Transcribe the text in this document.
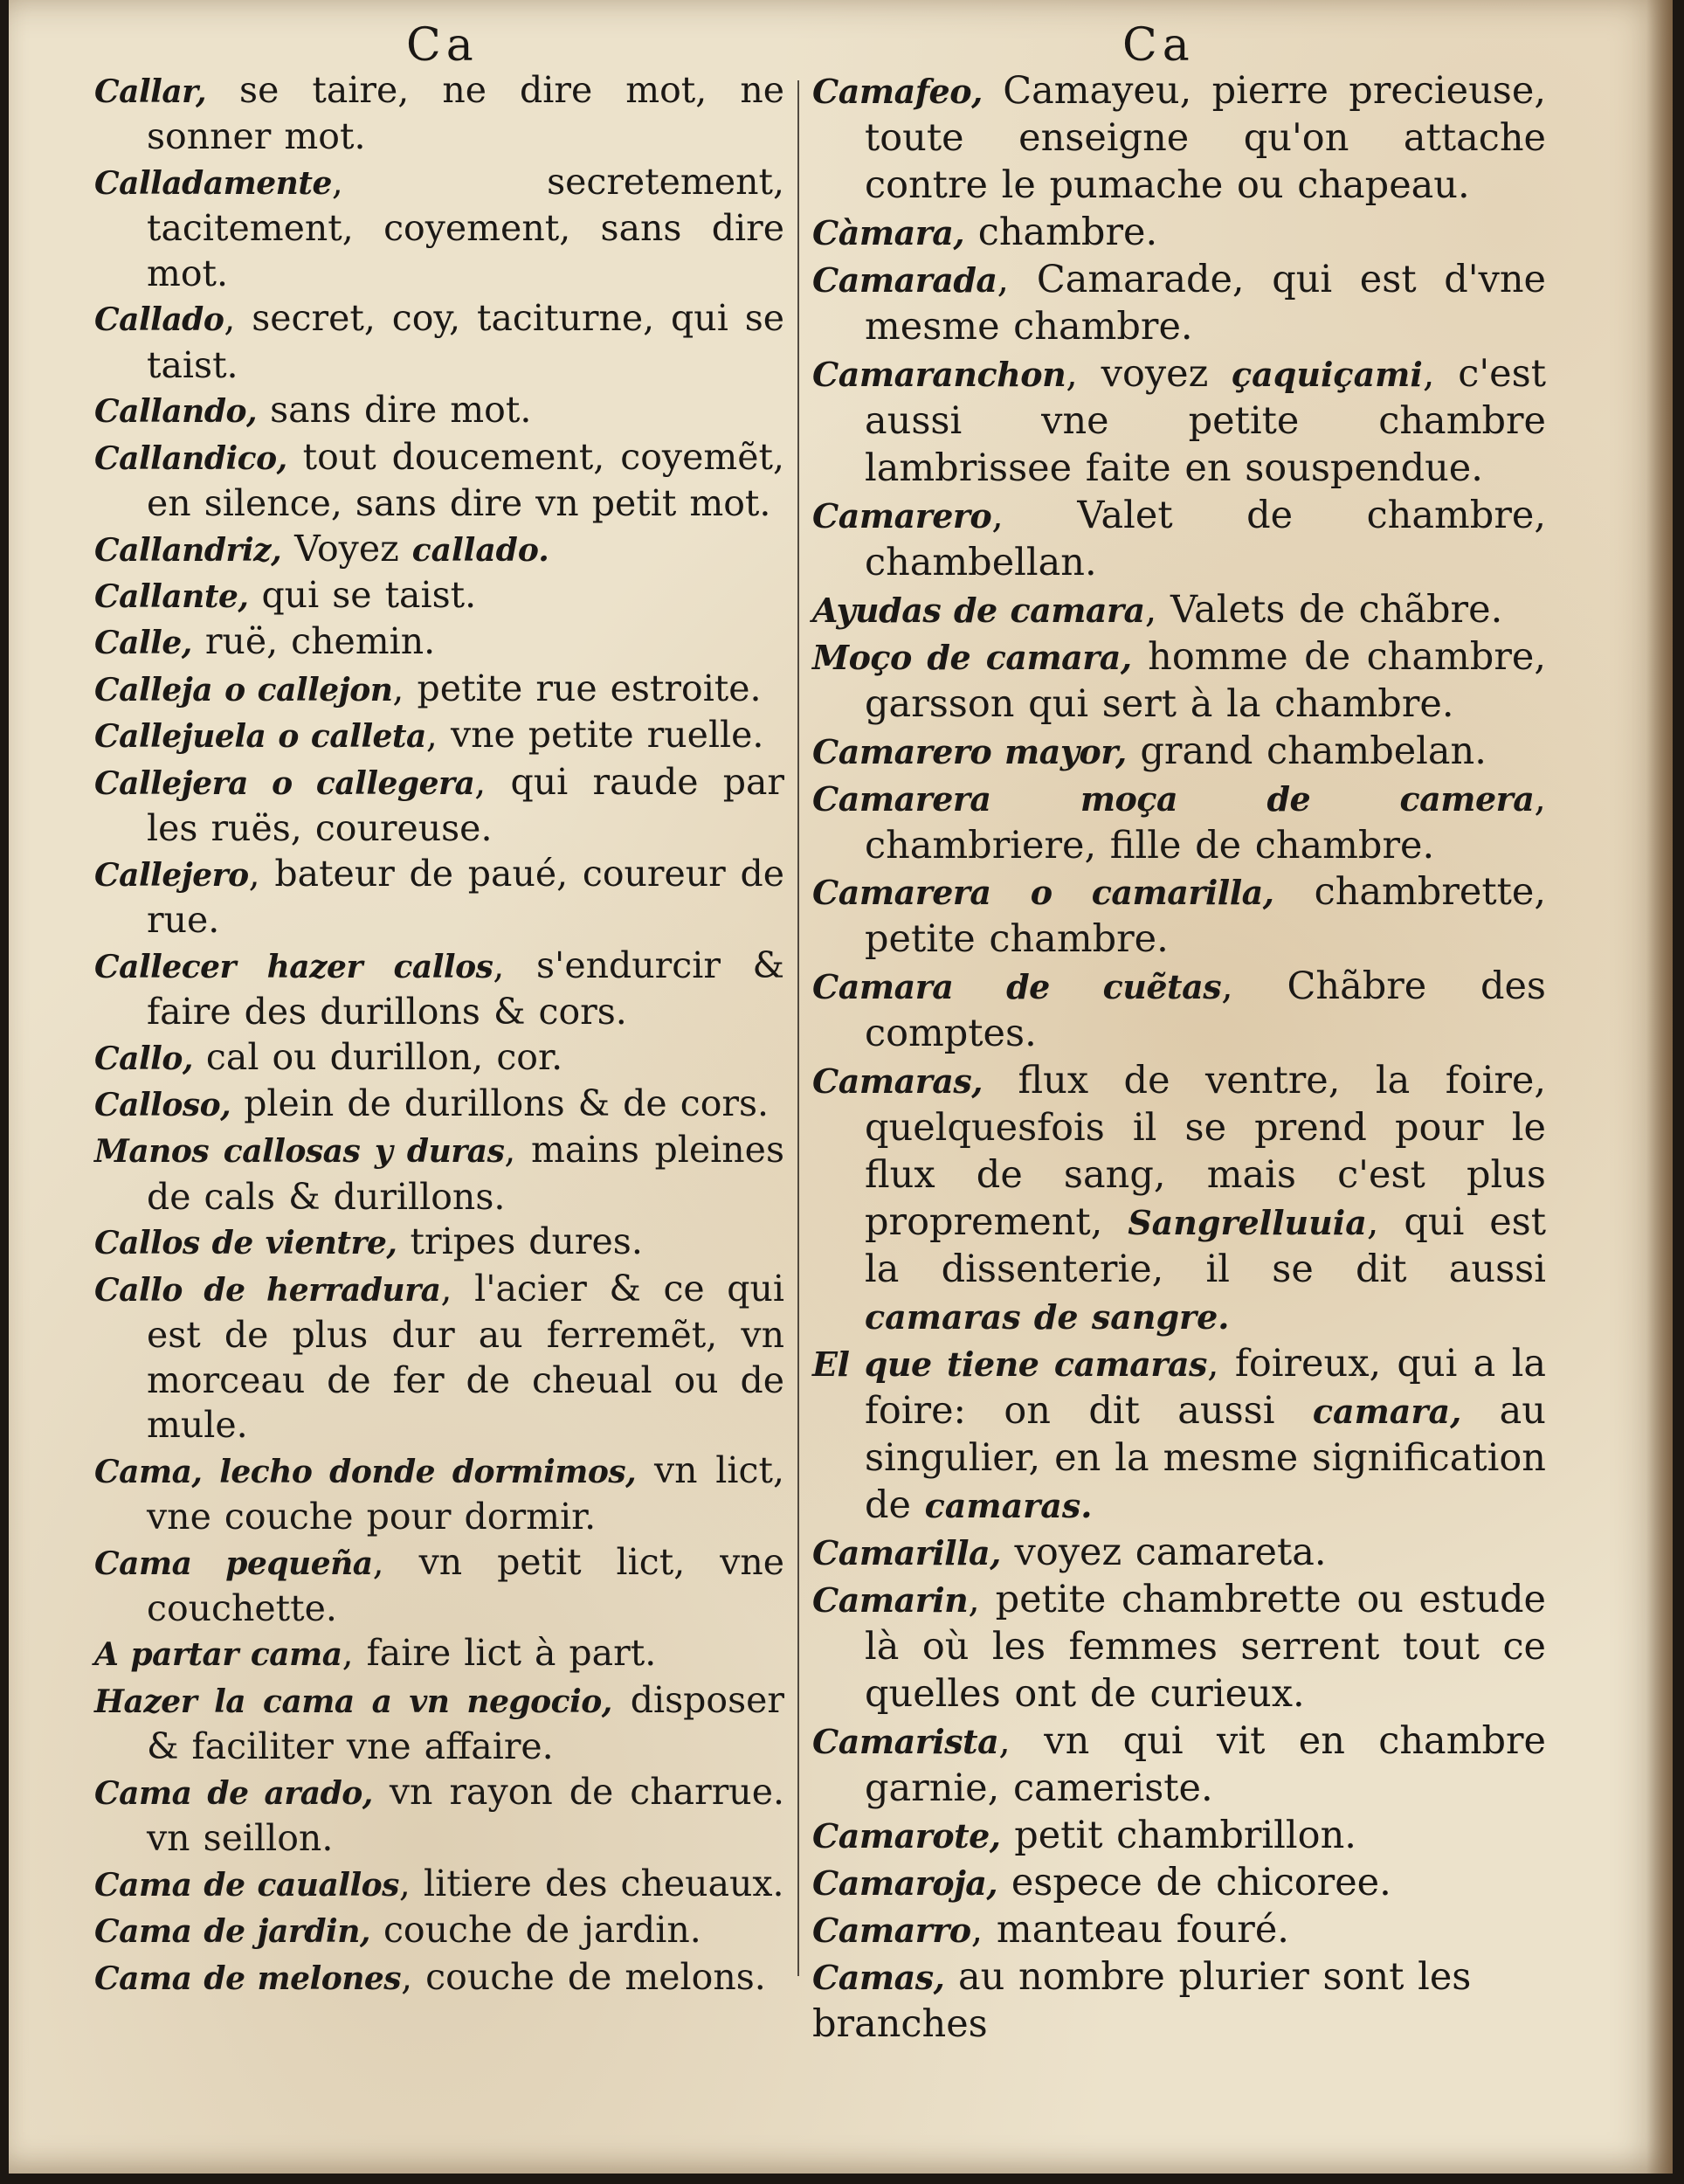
Ca	Ca

Callar, se taire, ne dire mot, ne sonner mot.

Calladamente, secretement, tacitement, coyement, sans dire mot.

Callado, secret, coy, taciturne, qui se taist.

Callando, sans dire mot.

Callandico, tout doucement, coyemẽt, en silence, sans dire vn petit mot.

Callandriz, Voyez callado.

Callante, qui se taist.

Calle, ruë, chemin.

Calleja o callejon, petite rue estroite.

Callejuela o calleta, vne petite ruelle.

Callejera o callegera, qui raude par les ruës, coureuse.

Callejero, bateur de paué, coureur de rue.

Callecer hazer callos, s'endurcir & faire des durillons & cors.

Callo, cal ou durillon, cor.

Calloso, plein de durillons & de cors.

Manos callosas y duras, mains pleines de cals & durillons.

Callos de vientre, tripes dures.

Callo de herradura, l'acier & ce qui est de plus dur au ferremẽt, vn morceau de fer de cheual ou de mule.

Cama, lecho donde dormimos, vn lict, vne couche pour dormir.

Cama pequeña, vn petit lict, vne couchette.

A partar cama, faire lict à part.

Hazer la cama a vn negocio, disposer & faciliter vne affaire.

Cama de arado, vn rayon de charrue. vn seillon.

Cama de cauallos, litiere des cheuaux.

Cama de jardin, couche de jardin.

Cama de melones, couche de melons.

Camafeo, Camayeu, pierre precieuse, toute enseigne qu'on attache contre le pumache ou chapeau.

Càmara, chambre.

Camarada, Camarade, qui est d'vne mesme chambre.

Camaranchon, voyez çaquiçami, c'est aussi vne petite chambre lambrissee faite en souspendue.

Camarero, Valet de chambre, chambellan.

Ayudas de camara, Valets de chãbre.

Moço de camara, homme de chambre, garsson qui sert à la chambre.

Camarero mayor, grand chambelan.

Camarera moça de camera, chambriere, fille de chambre.

Camarera o camarilla, chambrette, petite chambre.

Camara de cuẽtas, Chãbre des comptes.

Camaras, flux de ventre, la foire, quelquesfois il se prend pour le flux de sang, mais c'est plus proprement, Sangrelluuia, qui est la dissenterie, il se dit aussi camaras de sangre.

El que tiene camaras, foireux, qui a la foire: on dit aussi camara, au singulier, en la mesme signification de camaras.

Camarilla, voyez camareta.

Camarin, petite chambrette ou estude là où les femmes serrent tout ce quelles ont de curieux.

Camarista, vn qui vit en chambre garnie, cameriste.

Camarote, petit chambrillon.

Camaroja, espece de chicoree.

Camarro, manteau fouré.

Camas, au nombre plurier sont les

branches
